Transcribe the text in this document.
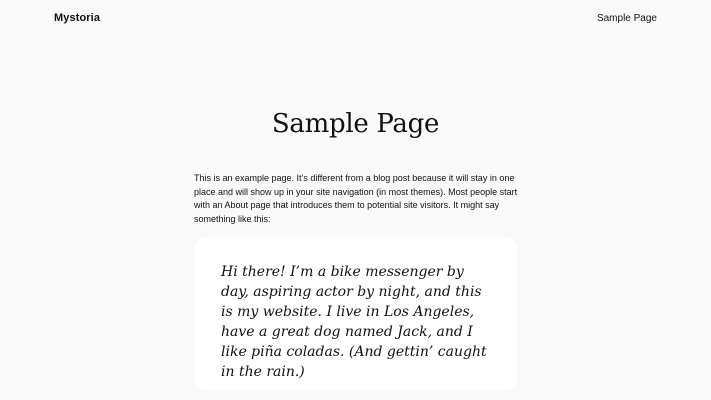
Mystoria	Sample Page
Sample Page

This is an example page. It’s different from a blog post because it will stay in one place and will show up in your site navigation (in most themes). Most people start with an About page that introduces them to potential site visitors. It might say something like this:

Hi there! I’m a bike messenger by day, aspiring actor by night, and this is my website. I live in Los Angeles, have a great dog named Jack, and I like piña coladas. (And gettin’ caught in the rain.)
